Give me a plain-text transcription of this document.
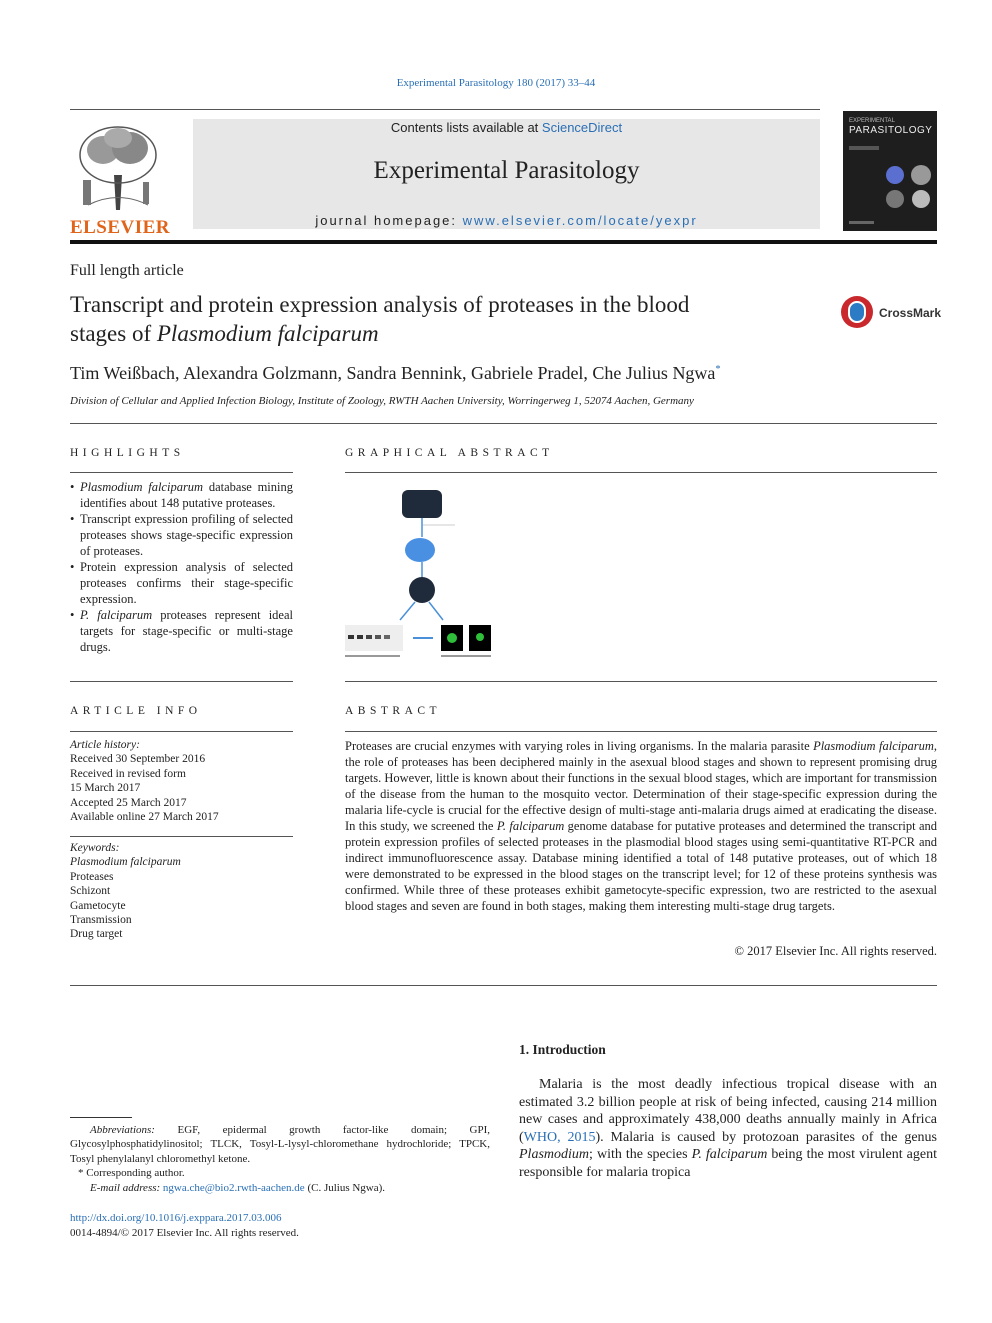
Experimental Parasitology 180 (2017) 33–44
ELSEVIER
Contents lists available at ScienceDirect
Experimental Parasitology
journal homepage: www.elsevier.com/locate/yexpr
EXPERIMENTAL
PARASITOLOGY
Full length article
Transcript and protein expression analysis of proteases in the blood
stages of Plasmodium falciparum
CrossMark
Tim Weißbach, Alexandra Golzmann, Sandra Bennink, Gabriele Pradel, Che Julius Ngwa*
Division of Cellular and Applied Infection Biology, Institute of Zoology, RWTH Aachen University, Worringerweg 1, 52074 Aachen, Germany
HIGHLIGHTS
• Plasmodium falciparum database mining identifies about 148 putative proteases.
• Transcript expression profiling of selected proteases shows stage-specific expression of proteases.
• Protein expression analysis of selected proteases confirms their stage-specific expression.
• P. falciparum proteases represent ideal targets for stage-specific or multi-stage drugs.
GRAPHICAL ABSTRACT
ARTICLE INFO
Article history:
Received 30 September 2016
Received in revised form
15 March 2017
Accepted 25 March 2017
Available online 27 March 2017
Keywords:
Plasmodium falciparum
Proteases
Schizont
Gametocyte
Transmission
Drug target
ABSTRACT
Proteases are crucial enzymes with varying roles in living organisms. In the malaria parasite Plasmodium falciparum, the role of proteases has been deciphered mainly in the asexual blood stages and shown to represent promising drug targets. However, little is known about their functions in the sexual blood stages, which are important for transmission of the disease from the human to the mosquito vector. Determination of their stage-specific expression during the malaria life-cycle is crucial for the effective design of multi-stage anti-malaria drugs aimed at eradicating the disease. In this study, we screened the P. falciparum genome database for putative proteases and determined the transcript and protein expression profiles of selected proteases in the plasmodial blood stages using semi-quantitative RT-PCR and indirect immunofluorescence assay. Database mining identified a total of 148 putative proteases, out of which 18 were demonstrated to be expressed in the blood stages on the transcript level; for 12 of these proteins synthesis was confirmed. While three of these proteases exhibit gametocyte-specific expression, two are restricted to the asexual blood stages and seven are found in both stages, making them interesting multi-stage drug targets.
© 2017 Elsevier Inc. All rights reserved.
1. Introduction
Malaria is the most deadly infectious tropical disease with an estimated 3.2 billion people at risk of being infected, causing 214 million new cases and approximately 438,000 deaths annually mainly in Africa (WHO, 2015). Malaria is caused by protozoan parasites of the genus Plasmodium; with the species P. falciparum being the most virulent agent responsible for malaria tropica
Abbreviations: EGF, epidermal growth factor-like domain; GPI, Glycosylphosphatidylinositol; TLCK, Tosyl-L-lysyl-chloromethane hydrochloride; TPCK, Tosyl phenylalanyl chloromethyl ketone.
* Corresponding author.
E-mail address: ngwa.che@bio2.rwth-aachen.de (C. Julius Ngwa).
http://dx.doi.org/10.1016/j.exppara.2017.03.006
0014-4894/© 2017 Elsevier Inc. All rights reserved.
